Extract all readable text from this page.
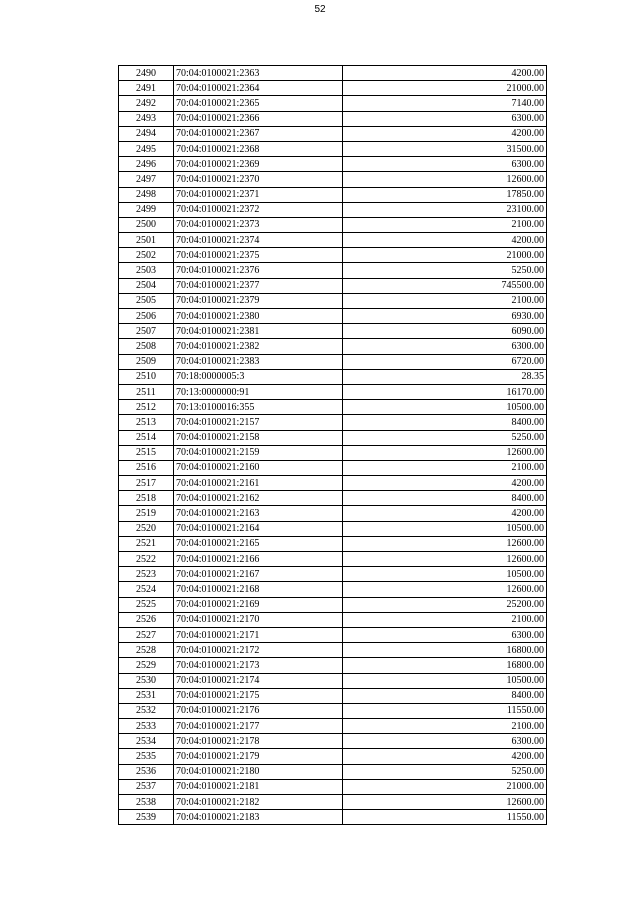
52
2490	70:04:0100021:2363	4200.00
2491	70:04:0100021:2364	21000.00
2492	70:04:0100021:2365	7140.00
2493	70:04:0100021:2366	6300.00
2494	70:04:0100021:2367	4200.00
2495	70:04:0100021:2368	31500.00
2496	70:04:0100021:2369	6300.00
2497	70:04:0100021:2370	12600.00
2498	70:04:0100021:2371	17850.00
2499	70:04:0100021:2372	23100.00
2500	70:04:0100021:2373	2100.00
2501	70:04:0100021:2374	4200.00
2502	70:04:0100021:2375	21000.00
2503	70:04:0100021:2376	5250.00
2504	70:04:0100021:2377	745500.00
2505	70:04:0100021:2379	2100.00
2506	70:04:0100021:2380	6930.00
2507	70:04:0100021:2381	6090.00
2508	70:04:0100021:2382	6300.00
2509	70:04:0100021:2383	6720.00
2510	70:18:0000005:3	28.35
2511	70:13:0000000:91	16170.00
2512	70:13:0100016:355	10500.00
2513	70:04:0100021:2157	8400.00
2514	70:04:0100021:2158	5250.00
2515	70:04:0100021:2159	12600.00
2516	70:04:0100021:2160	2100.00
2517	70:04:0100021:2161	4200.00
2518	70:04:0100021:2162	8400.00
2519	70:04:0100021:2163	4200.00
2520	70:04:0100021:2164	10500.00
2521	70:04:0100021:2165	12600.00
2522	70:04:0100021:2166	12600.00
2523	70:04:0100021:2167	10500.00
2524	70:04:0100021:2168	12600.00
2525	70:04:0100021:2169	25200.00
2526	70:04:0100021:2170	2100.00
2527	70:04:0100021:2171	6300.00
2528	70:04:0100021:2172	16800.00
2529	70:04:0100021:2173	16800.00
2530	70:04:0100021:2174	10500.00
2531	70:04:0100021:2175	8400.00
2532	70:04:0100021:2176	11550.00
2533	70:04:0100021:2177	2100.00
2534	70:04:0100021:2178	6300.00
2535	70:04:0100021:2179	4200.00
2536	70:04:0100021:2180	5250.00
2537	70:04:0100021:2181	21000.00
2538	70:04:0100021:2182	12600.00
2539	70:04:0100021:2183	11550.00
